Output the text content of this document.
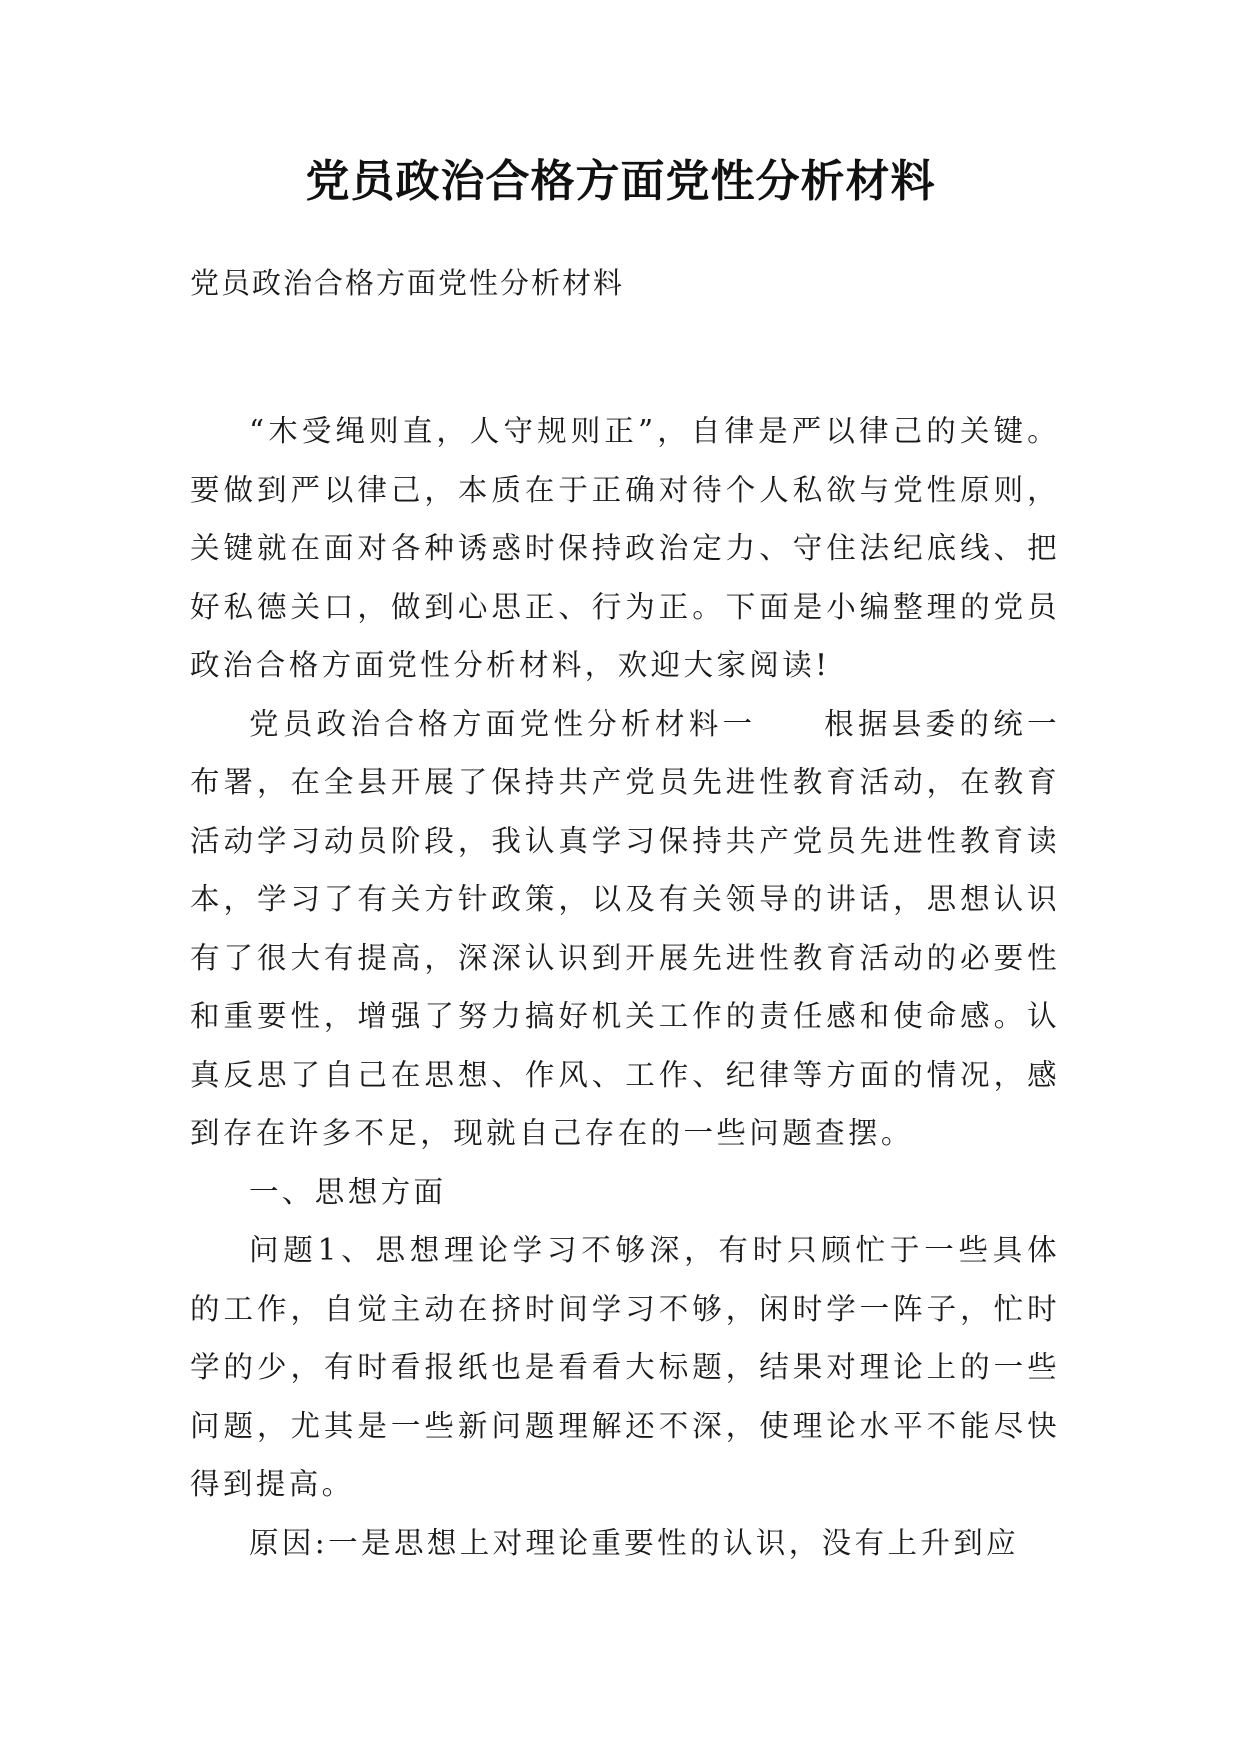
党员政治合格方面党性分析材料
党员政治合格方面党性分析材料

“木受绳则直，人守规则正”，自律是严以律己的关键。要做到严以律己，本质在于正确对待个人私欲与党性原则，关键就在面对各种诱惑时保持政治定力、守住法纪底线、把好私德关口，做到心思正、行为正。下面是小编整理的党员政治合格方面党性分析材料，欢迎大家阅读!

党员政治合格方面党性分析材料一　　根据县委的统一布署，在全县开展了保持共产党员先进性教育活动，在教育活动学习动员阶段，我认真学习保持共产党员先进性教育读本，学习了有关方针政策，以及有关领导的讲话，思想认识有了很大有提高，深深认识到开展先进性教育活动的必要性和重要性，增强了努力搞好机关工作的责任感和使命感。认真反思了自己在思想、作风、工作、纪律等方面的情况，感到存在许多不足，现就自己存在的一些问题查摆。

一、思想方面

问题1、思想理论学习不够深，有时只顾忙于一些具体的工作，自觉主动在挤时间学习不够，闲时学一阵子，忙时学的少，有时看报纸也是看看大标题，结果对理论上的一些问题，尤其是一些新问题理解还不深，使理论水平不能尽快得到提高。

原因:一是思想上对理论重要性的认识，没有上升到应
